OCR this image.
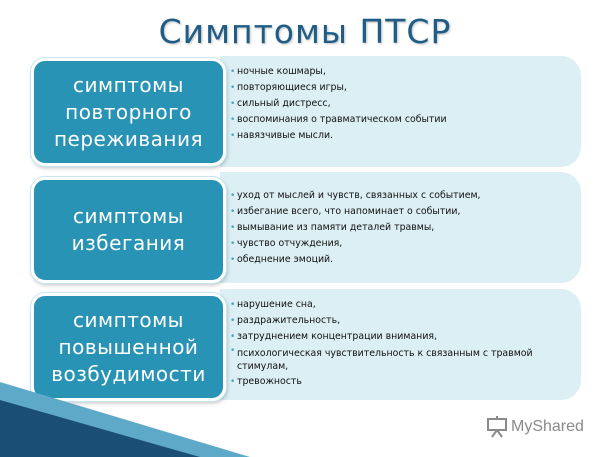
Симптомы ПТСР
• ночные кошмары,
• повторяющиеся игры,
• сильный дистресс,
• воспоминания о травматическом событии
• навязчивые мысли.
симптомы
повторного
переживания
• уход от мыслей и чувств, связанных с событием,
• избегание всего, что напоминает о событии,
• вымывание из памяти деталей травмы,
• чувство отчуждения,
• обеднение эмоций.
симптомы
избегания
• нарушение сна,
• раздражительность,
• затруднением концентрации внимания,
• психологическая чувствительность к связанным с травмой стимулам,
• тревожность
симптомы
повышенной
возбудимости
MyShared
